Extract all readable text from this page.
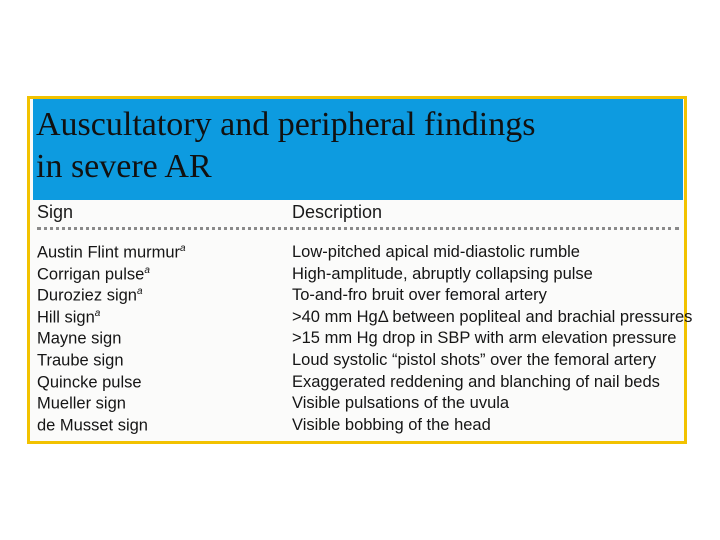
Auscultatory and peripheral findings
in severe AR
Sign	Description
Austin Flint murmur$^a$	Low-pitched apical mid-diastolic rumble
Corrigan pulse$^a$	High-amplitude, abruptly collapsing pulse
Duroziez sign$^a$	To-and-fro bruit over femoral artery
Hill sign$^a$	>40 mm HgΔ between popliteal and brachial pressures
Mayne sign	>15 mm Hg drop in SBP with arm elevation pressure
Traube sign	Loud systolic “pistol shots” over the femoral artery
Quincke pulse	Exaggerated reddening and blanching of nail beds
Mueller sign	Visible pulsations of the uvula
de Musset sign	Visible bobbing of the head
